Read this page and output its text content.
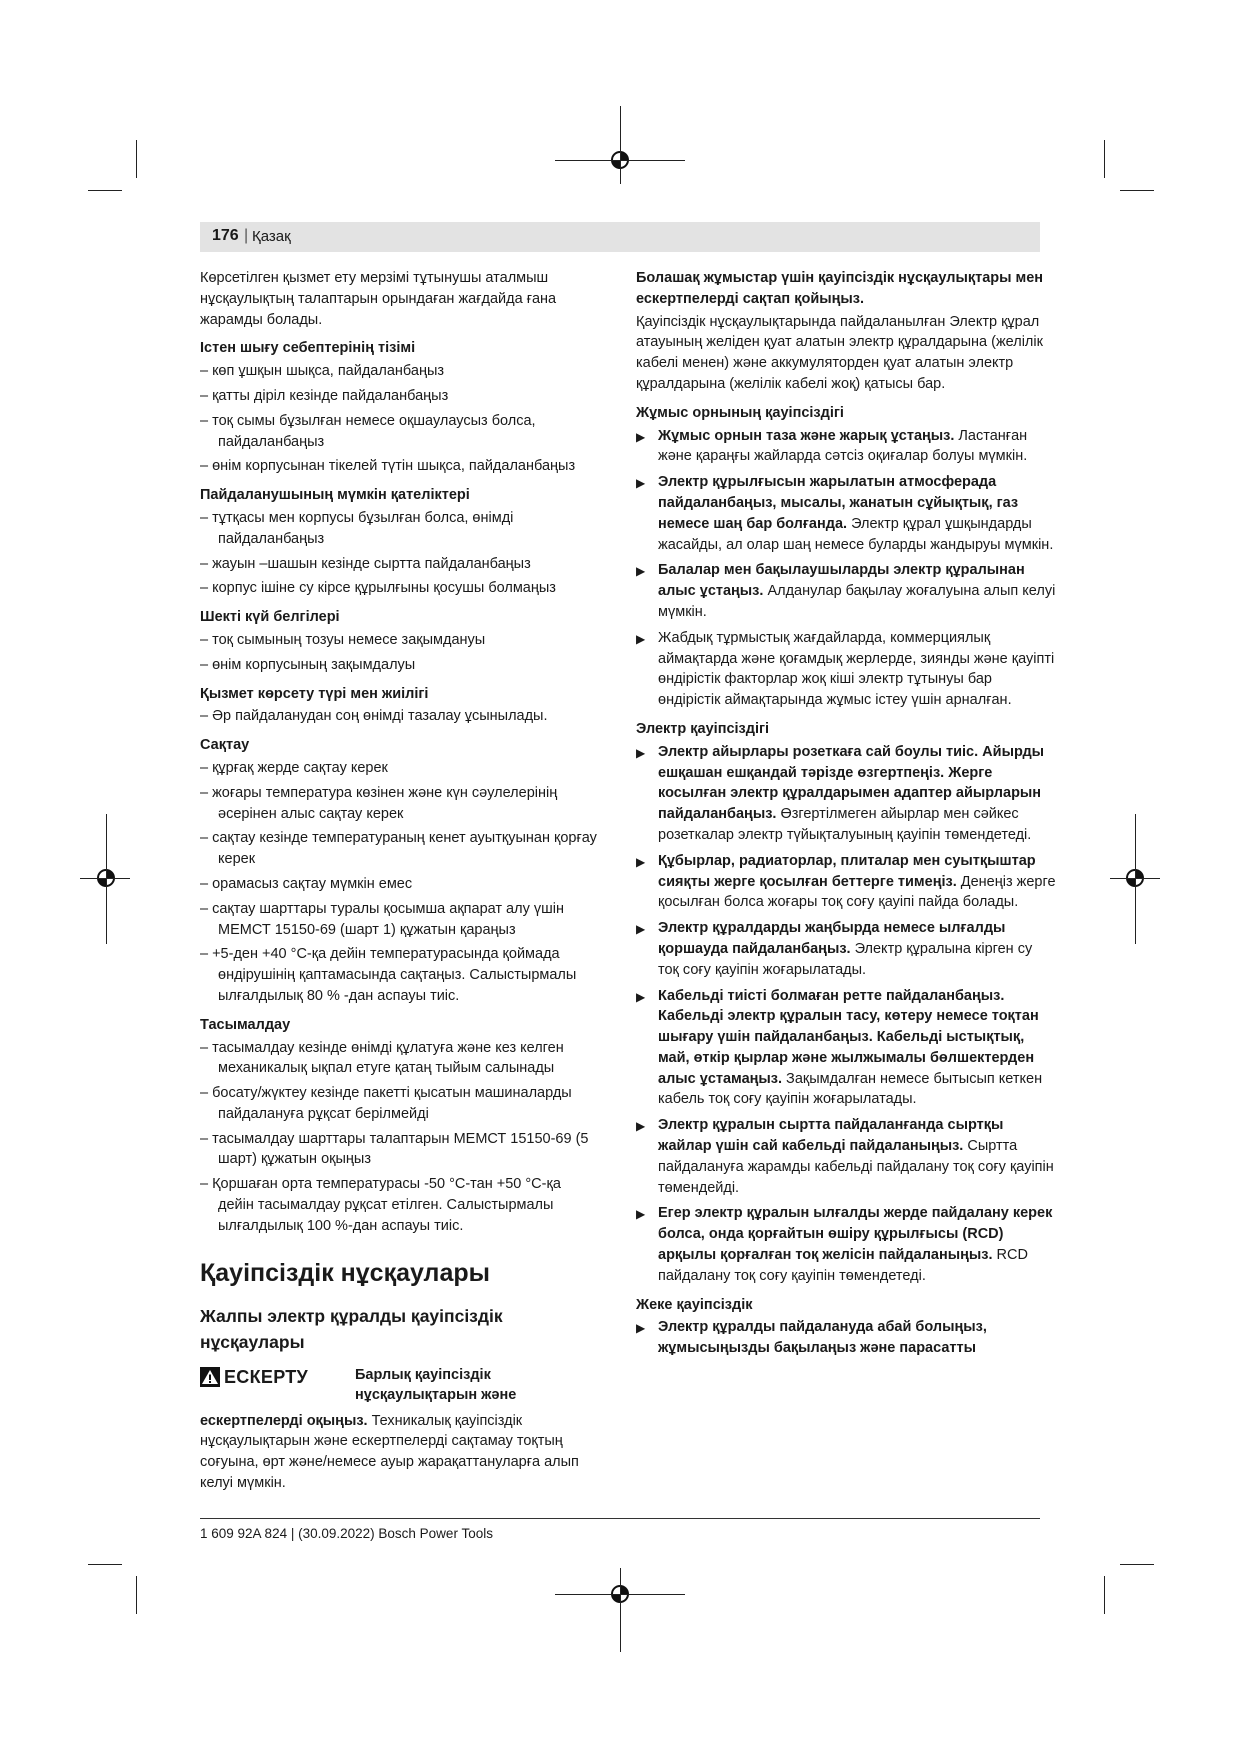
176 | Қазақ

Көрсетілген қызмет ету мерзімі тұтынушы аталмыш нұсқаулықтың талаптарын орындаған жағдайда ғана жарамды болады.

Істен шығу себептерінің тізімі

– көп ұшқын шықса, пайдаланбаңыз

– қатты діріл кезінде пайдаланбаңыз

– тоқ сымы бұзылған немесе оқшаулаусыз болса, пайдаланбаңыз

– өнім корпусынан тікелей түтін шықса, пайдаланбаңыз

Пайдаланушының мүмкін қателіктері

– тұтқасы мен корпусы бұзылған болса, өнімді пайдаланбаңыз

– жауын –шашын кезінде сыртта пайдаланбаңыз

– корпус ішіне су кірсе құрылғыны қосушы болмаңыз

Шекті күй белгілері

– тоқ сымының тозуы немесе зақымдануы

– өнім корпусының зақымдалуы

Қызмет көрсету түрі мен жиілігі

– Әр пайдаланудан соң өнімді тазалау ұсынылады.

Сақтау

– құрғақ жерде сақтау керек

– жоғары температура көзінен және күн сәулелерінің әсерінен алыс сақтау керек

– сақтау кезінде температураның кенет ауытқуынан қорғау керек

– орамасыз сақтау мүмкін емес

– сақтау шарттары туралы қосымша ақпарат алу үшін МЕМСТ 15150-69 (шарт 1) құжатын қараңыз

– +5-ден +40 °C-қа дейін температурасында қоймада өндірушінің қаптамасында сақтаңыз. Салыстырмалы ылғалдылық 80 % -дан аспауы тиіс.

Тасымалдау

– тасымалдау кезінде өнімді құлатуға және кез келген механикалық ықпал етуге қатаң тыйым салынады

– босату/жүктеу кезінде пакетті қысатын машиналарды пайдалануға рұқсат берілмейді

– тасымалдау шарттары талаптарын МЕМСТ 15150-69 (5 шарт) құжатын оқыңыз

– Қоршаған орта температурасы -50 °C-тан +50 °C-қа дейін тасымалдау рұқсат етілген. Салыстырмалы ылғалдылық 100 %-дан аспауы тиіс.

Қауіпсіздік нұсқаулары
Жалпы электр құралды қауіпсіздік нұсқаулары
ЕСКЕРТУ	Барлық қауіпсіздік нұсқаулықтарын және

ескертпелерді оқыңыз. Техникалық қауіпсіздік нұсқаулықтарын және ескертпелерді сақтамау тоқтың соғуына, өрт және/немесе ауыр жарақаттануларға алып келуі мүмкін.

Болашақ жұмыстар үшін қауіпсіздік нұсқаулықтары мен ескертпелерді сақтап қойыңыз.

Қауіпсіздік нұсқаулықтарында пайдаланылған Электр құрал атауының желіден қуат алатын электр құралдарына (желілік кабелі менен) және аккумуляторден қуат алатын электр құралдарына (желілік кабелі жоқ) қатысы бар.

Жұмыс орнының қауіпсіздігі

▶ Жұмыс орнын таза және жарық ұстаңыз. Ластанған және қараңғы жайларда сәтсіз оқиғалар болуы мүмкін.
▶ Электр құрылғысын жарылатын атмосферада пайдаланбаңыз, мысалы, жанатын сұйықтық, газ немесе шаң бар болғанда. Электр құрал ұшқындарды жасайды, ал олар шаң немесе буларды жандыруы мүмкін.
▶ Балалар мен бақылаушыларды электр құралынан алыс ұстаңыз. Алданулар бақылау жоғалуына алып келуі мүмкін.
▶ Жабдық тұрмыстық жағдайларда, коммерциялық аймақтарда және қоғамдық жерлерде, зиянды және қауіпті өндірістік факторлар жоқ кіші электр тұтынуы бар өндірістік аймақтарында жұмыс істеу үшін арналған.

Электр қауіпсіздігі

▶ Электр айырлары розеткаға сай боулы тиіс. Айырды ешқашан ешқандай тәрізде өзгертпеңіз. Жерге косылған электр құралдарымен адаптер айырларын пайдаланбаңыз. Өзгертілмеген айырлар мен сәйкес розеткалар электр түйықталуының қауіпін төмендетеді.
▶ Құбырлар, радиаторлар, плиталар мен суытқыштар сияқты жерге қосылған беттерге тимеңіз. Денеңіз жерге қосылған болса жоғары тоқ соғу қауіпі пайда болады.
▶ Электр құралдарды жаңбырда немесе ылғалды қоршауда пайдаланбаңыз. Электр құралына кірген су тоқ соғу қауіпін жоғарылатады.
▶ Кабельді тиісті болмаған ретте пайдаланбаңыз. Кабельді электр құралын тасу, көтеру немесе тоқтан шығару үшін пайдаланбаңыз. Кабельді ыстықтық, май, өткір қырлар және жылжымалы бөлшектерден алыс ұстамаңыз. Зақымдалған немесе бытысып кеткен кабель тоқ соғу қауіпін жоғарылатады.
▶ Электр құралын сыртта пайдаланғанда сыртқы жайлар үшін сай кабельді пайдаланыңыз. Сыртта пайдалануға жарамды кабельді пайдалану тоқ соғу қауіпін төмендейді.
▶ Егер электр құралын ылғалды жерде пайдалану керек болса, онда қорғайтын өшіру құрылғысы (RCD) арқылы қорғалған тоқ желісін пайдаланыңыз. RCD пайдалану тоқ соғу қауіпін төмендетеді.

Жеке қауіпсіздік

▶ Электр құралды пайдалануда абай болыңыз, жұмысыңызды бақылаңыз және парасатты
1 609 92A 824 | (30.09.2022) Bosch Power Tools
